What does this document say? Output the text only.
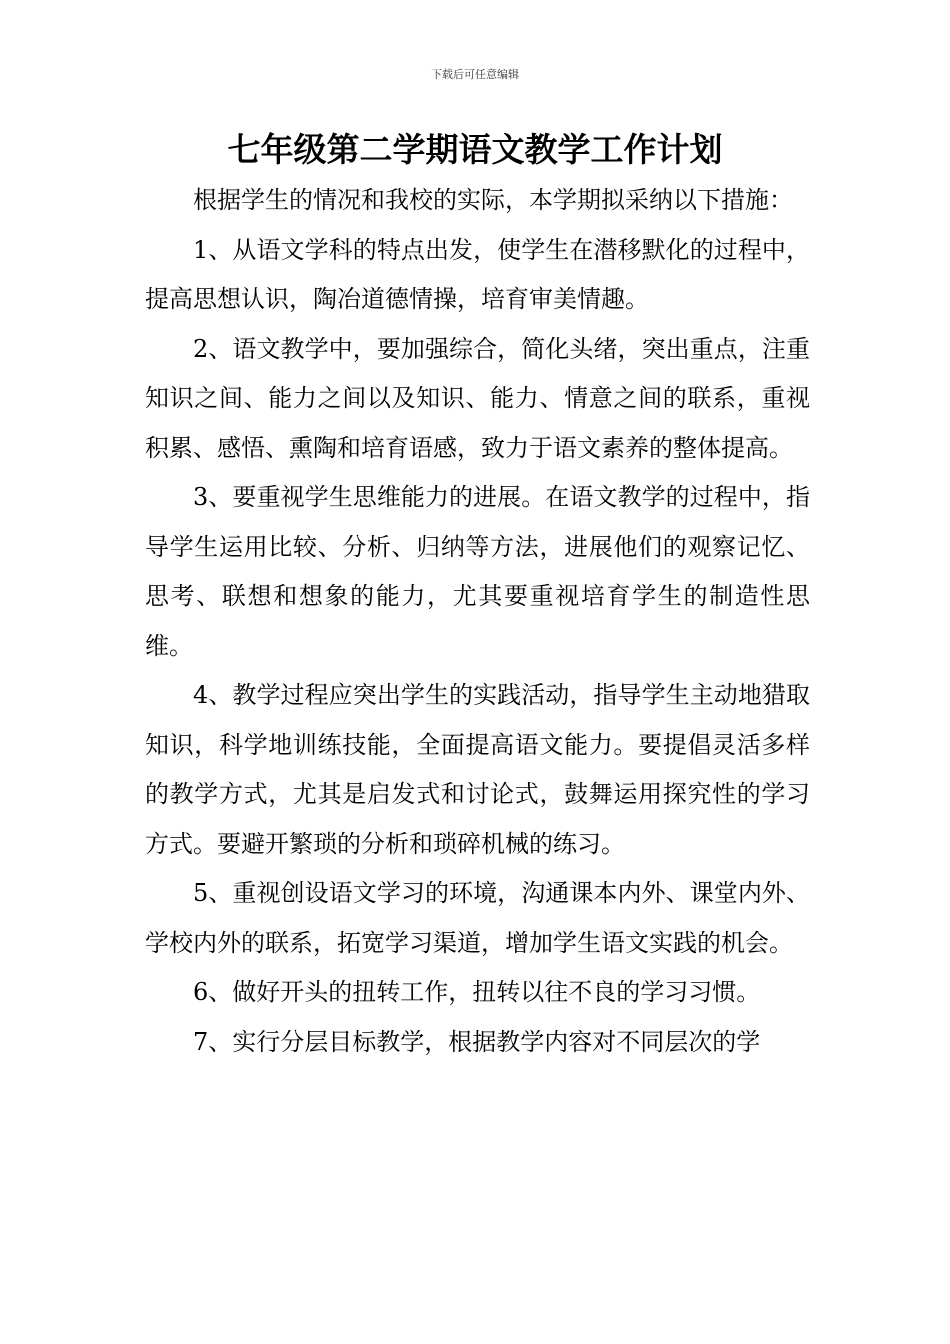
下载后可任意编辑
七年级第二学期语文教学工作计划

根据学生的情况和我校的实际，本学期拟采纳以下措施：

1、从语文学科的特点出发，使学生在潜移默化的过程中，提高思想认识，陶冶道德情操，培育审美情趣。

2、语文教学中，要加强综合，简化头绪，突出重点，注重知识之间、能力之间以及知识、能力、情意之间的联系，重视积累、感悟、熏陶和培育语感，致力于语文素养的整体提高。

3、要重视学生思维能力的进展。在语文教学的过程中，指导学生运用比较、分析、归纳等方法，进展他们的观察记忆、思考、联想和想象的能力，尤其要重视培育学生的制造性思维。

4、教学过程应突出学生的实践活动，指导学生主动地猎取知识，科学地训练技能，全面提高语文能力。要提倡灵活多样的教学方式，尤其是启发式和讨论式，鼓舞运用探究性的学习方式。要避开繁琐的分析和琐碎机械的练习。

5、重视创设语文学习的环境，沟通课本内外、课堂内外、学校内外的联系，拓宽学习渠道，增加学生语文实践的机会。

6、做好开头的扭转工作，扭转以往不良的学习习惯。

7、实行分层目标教学，根据教学内容对不同层次的学
